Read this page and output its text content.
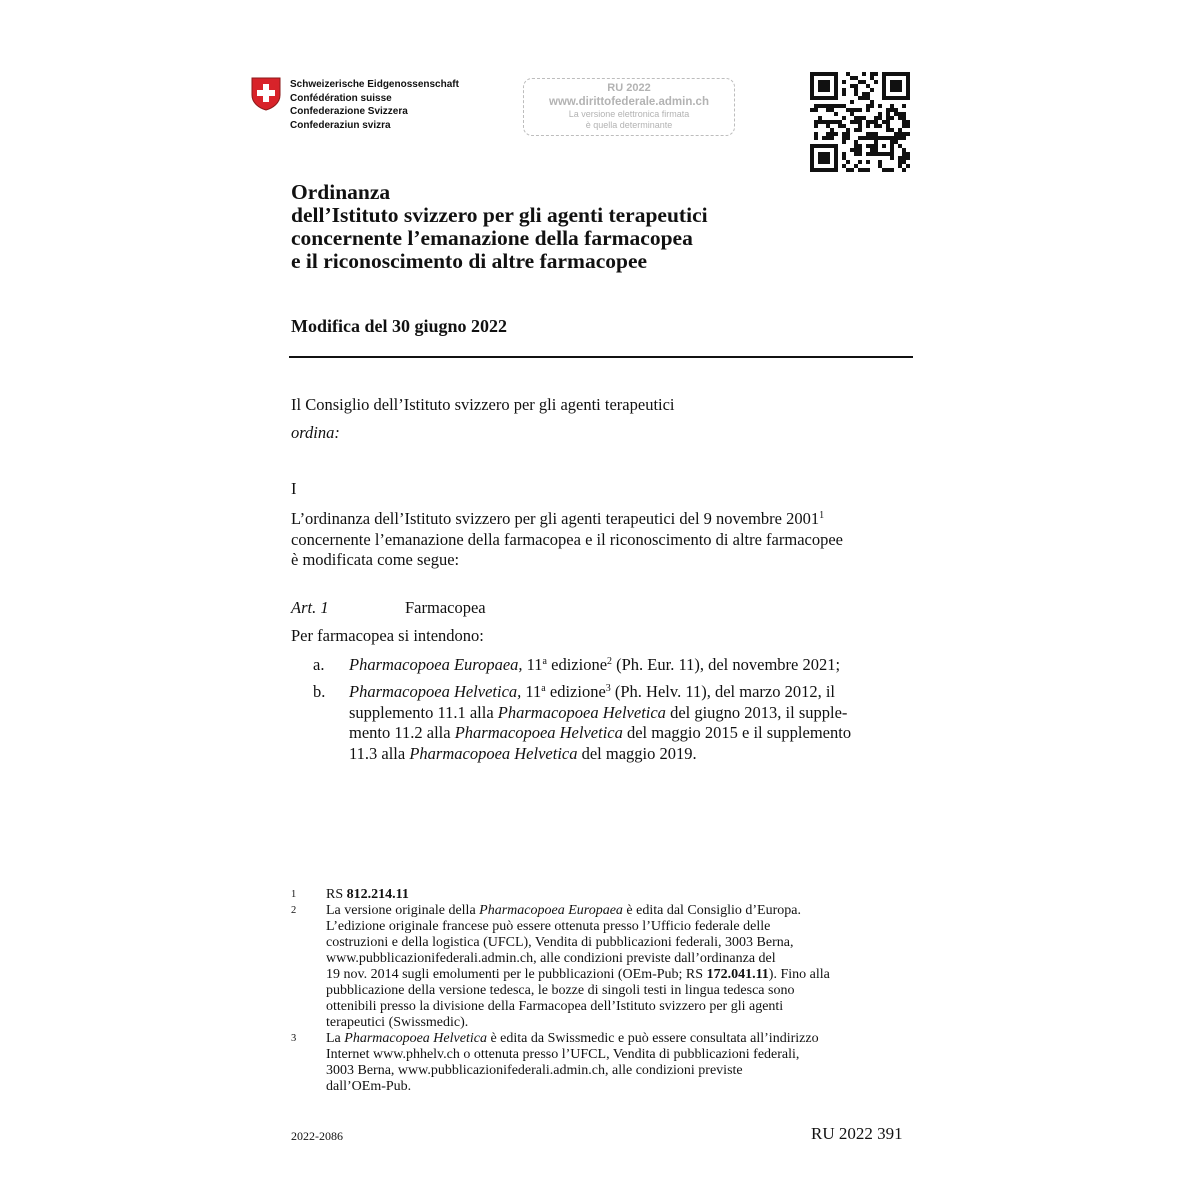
Schweizerische Eidgenossenschaft
Confédération suisse
Confederazione Svizzera
Confederaziun svizra
RU 2022
www.dirittofederale.admin.ch
La versione elettronica firmata
è quella determinante
Ordinanza
dell’Istituto svizzero per gli agenti terapeutici
concernente l’emanazione della farmacopea
e il riconoscimento di altre farmacopee
Modifica del 30 giugno 2022
Il Consiglio dell’Istituto svizzero per gli agenti terapeutici
ordina:
I
L’ordinanza dell’Istituto svizzero per gli agenti terapeutici del 9 novembre 2001$^1$
concernente l’emanazione della farmacopea e il riconoscimento di altre farmacopee
è modificata come segue:
Art. 1	Farmacopea
Per farmacopea si intendono:
a. Pharmacopoea Europaea, 11$^a$ edizione$^2$ (Ph. Eur. 11), del novembre 2021;
b. Pharmacopoea Helvetica, 11$^a$ edizione$^3$ (Ph. Helv. 11), del marzo 2012, il
supplemento 11.1 alla Pharmacopoea Helvetica del giugno 2013, il supple-
mento 11.2 alla Pharmacopoea Helvetica del maggio 2015 e il supplemento
11.3 alla Pharmacopoea Helvetica del maggio 2019.
1 RS 812.214.11
2 La versione originale della Pharmacopoea Europaea è edita dal Consiglio d’Europa.
L’edizione originale francese può essere ottenuta presso l’Ufficio federale delle
costruzioni e della logistica (UFCL), Vendita di pubblicazioni federali, 3003 Berna,
www.pubblicazionifederali.admin.ch, alle condizioni previste dall’ordinanza del
19 nov. 2014 sugli emolumenti per le pubblicazioni (OEm-Pub; RS 172.041.11). Fino alla
pubblicazione della versione tedesca, le bozze di singoli testi in lingua tedesca sono
ottenibili presso la divisione della Farmacopea dell’Istituto svizzero per gli agenti
terapeutici (Swissmedic).
3 La Pharmacopoea Helvetica è edita da Swissmedic e può essere consultata all’indirizzo
Internet www.phhelv.ch o ottenuta presso l’UFCL, Vendita di pubblicazioni federali,
3003 Berna, www.pubblicazionifederali.admin.ch, alle condizioni previste
dall’OEm-Pub.
2022-2086	RU 2022 391
